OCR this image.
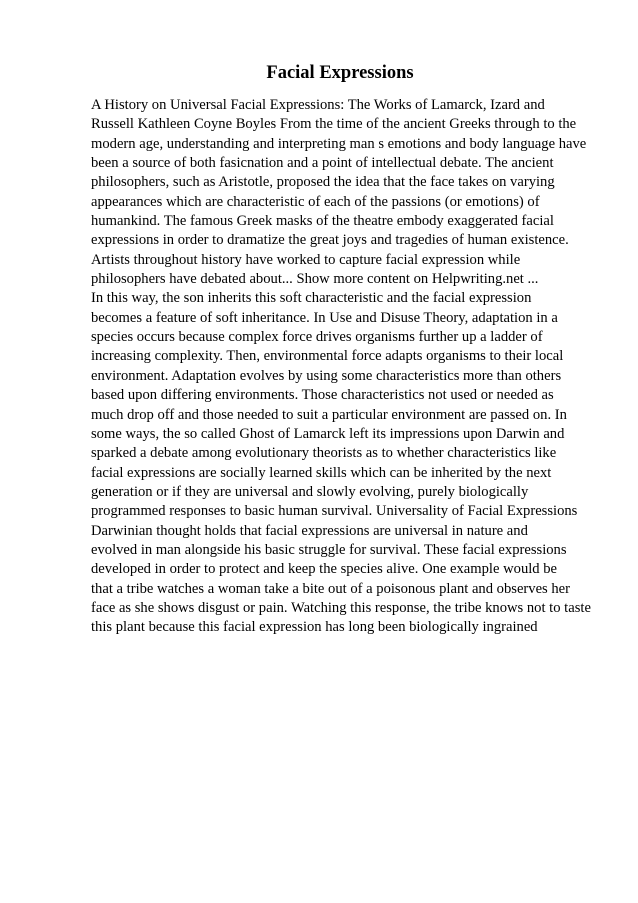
Facial Expressions
A History on Universal Facial Expressions: The Works of Lamarck, Izard and
Russell Kathleen Coyne Boyles From the time of the ancient Greeks through to the
modern age, understanding and interpreting man s emotions and body language have
been a source of both fasicnation and a point of intellectual debate. The ancient
philosophers, such as Aristotle, proposed the idea that the face takes on varying
appearances which are characteristic of each of the passions (or emotions) of
humankind. The famous Greek masks of the theatre embody exaggerated facial
expressions in order to dramatize the great joys and tragedies of human existence.
Artists throughout history have worked to capture facial expression while
philosophers have debated about... Show more content on Helpwriting.net ...
In this way, the son inherits this soft characteristic and the facial expression
becomes a feature of soft inheritance. In Use and Disuse Theory, adaptation in a
species occurs because complex force drives organisms further up a ladder of
increasing complexity. Then, environmental force adapts organisms to their local
environment. Adaptation evolves by using some characteristics more than others
based upon differing environments. Those characteristics not used or needed as
much drop off and those needed to suit a particular environment are passed on. In
some ways, the so called Ghost of Lamarck left its impressions upon Darwin and
sparked a debate among evolutionary theorists as to whether characteristics like
facial expressions are socially learned skills which can be inherited by the next
generation or if they are universal and slowly evolving, purely biologically
programmed responses to basic human survival. Universality of Facial Expressions
Darwinian thought holds that facial expressions are universal in nature and
evolved in man alongside his basic struggle for survival. These facial expressions
developed in order to protect and keep the species alive. One example would be
that a tribe watches a woman take a bite out of a poisonous plant and observes her
face as she shows disgust or pain. Watching this response, the tribe knows not to taste
this plant because this facial expression has long been biologically ingrained
